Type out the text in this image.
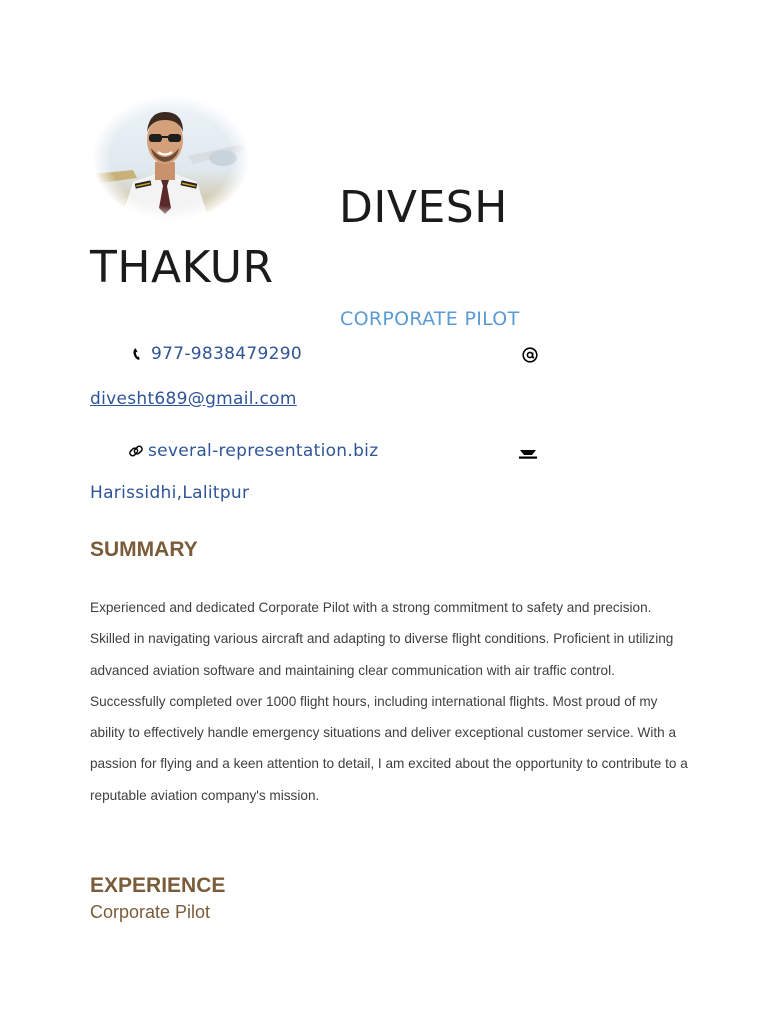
DIVESH
THAKUR
CORPORATE PILOT
977-9838479290
divesht689@gmail.com
several-representation.biz
Harissidhi,Lalitpur
SUMMARY
Experienced and dedicated Corporate Pilot with a strong commitment to safety and precision. Skilled in navigating various aircraft and adapting to diverse flight conditions. Proficient in utilizing advanced aviation software and maintaining clear communication with air traffic control. Successfully completed over 1000 flight hours, including international flights. Most proud of my ability to effectively handle emergency situations and deliver exceptional customer service. With a passion for flying and a keen attention to detail, I am excited about the opportunity to contribute to a reputable aviation company's mission.
EXPERIENCE
Corporate Pilot
